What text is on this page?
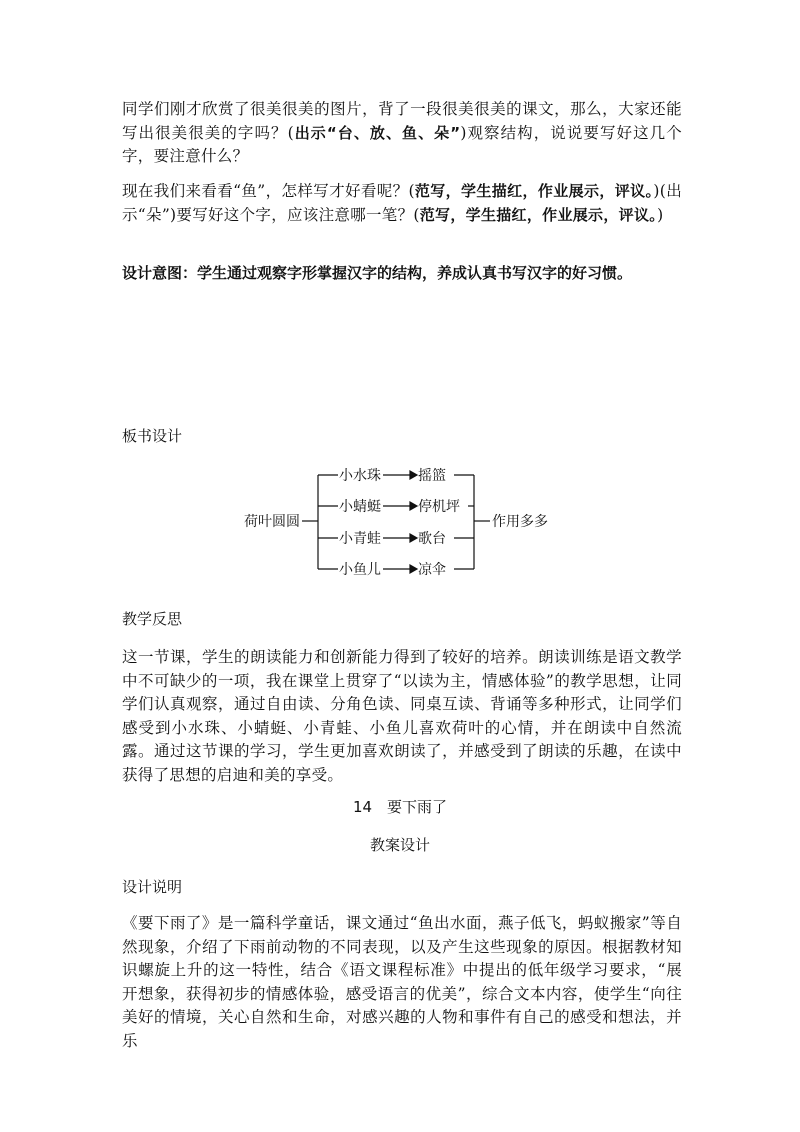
同学们刚才欣赏了很美很美的图片，背了一段很美很美的课文，那么，大家还能写出很美很美的字吗？(出示“台、放、鱼、朵”)观察结构，说说要写好这几个字，要注意什么？

现在我们来看看“鱼”，怎样写才好看呢？(范写，学生描红，作业展示，评议。)(出示“朵”)要写好这个字，应该注意哪一笔？(范写，学生描红，作业展示，评议。)

设计意图：学生通过观察字形掌握汉字的结构，养成认真书写汉字的好习惯。

板书设计
荷叶圆圆
小水珠
小蜻蜓
小青蛙
小鱼儿
摇篮
停机坪
歌台
凉伞
作用多多
教学反思

这一节课，学生的朗读能力和创新能力得到了较好的培养。朗读训练是语文教学中不可缺少的一项，我在课堂上贯穿了“以读为主，情感体验”的教学思想，让同学们认真观察，通过自由读、分角色读、同桌互读、背诵等多种形式，让同学们感受到小水珠、小蜻蜓、小青蛙、小鱼儿喜欢荷叶的心情，并在朗读中自然流露。通过这节课的学习，学生更加喜欢朗读了，并感受到了朗读的乐趣，在读中获得了思想的启迪和美的享受。

14　要下雨了

教案设计

设计说明

《要下雨了》是一篇科学童话，课文通过“鱼出水面，燕子低飞，蚂蚁搬家”等自然现象，介绍了下雨前动物的不同表现，以及产生这些现象的原因。根据教材知识螺旋上升的这一特性，结合《语文课程标准》中提出的低年级学习要求，“展开想象，获得初步的情感体验，感受语言的优美”，综合文本内容，使学生“向往美好的情境，关心自然和生命，对感兴趣的人物和事件有自己的感受和想法，并乐
